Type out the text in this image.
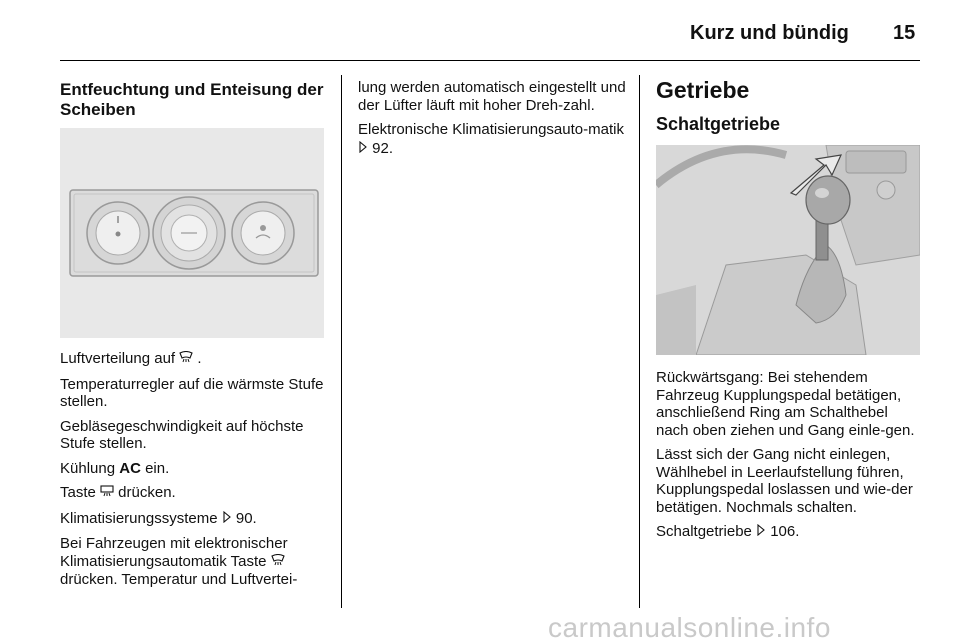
Kurz und bündig 15
Entfeuchtung und Enteisung der Scheiben

Luftverteilung auf .

Temperaturregler auf die wärmste Stufe stellen.

Gebläsegeschwindigkeit auf höchste Stufe stellen.

Kühlung AC ein.

Taste drücken.

Klimatisierungssysteme 90.

Bei Fahrzeugen mit elektronischer Klimatisierungsautomatik Taste
drücken. Temperatur und Luftvertei-

lung werden automatisch eingestellt und der Lüfter läuft mit hoher Dreh-zahl.

Elektronische Klimatisierungsauto-matik  92.

Getriebe
Schaltgetriebe

Rückwärtsgang: Bei stehendem Fahrzeug Kupplungspedal betätigen, anschließend Ring am Schalthebel nach oben ziehen und Gang einle-gen.

Lässt sich der Gang nicht einlegen, Wählhebel in Leerlaufstellung führen, Kupplungspedal loslassen und wie-der betätigen. Nochmals schalten.

Schaltgetriebe 106.

carmanualsonline.info
